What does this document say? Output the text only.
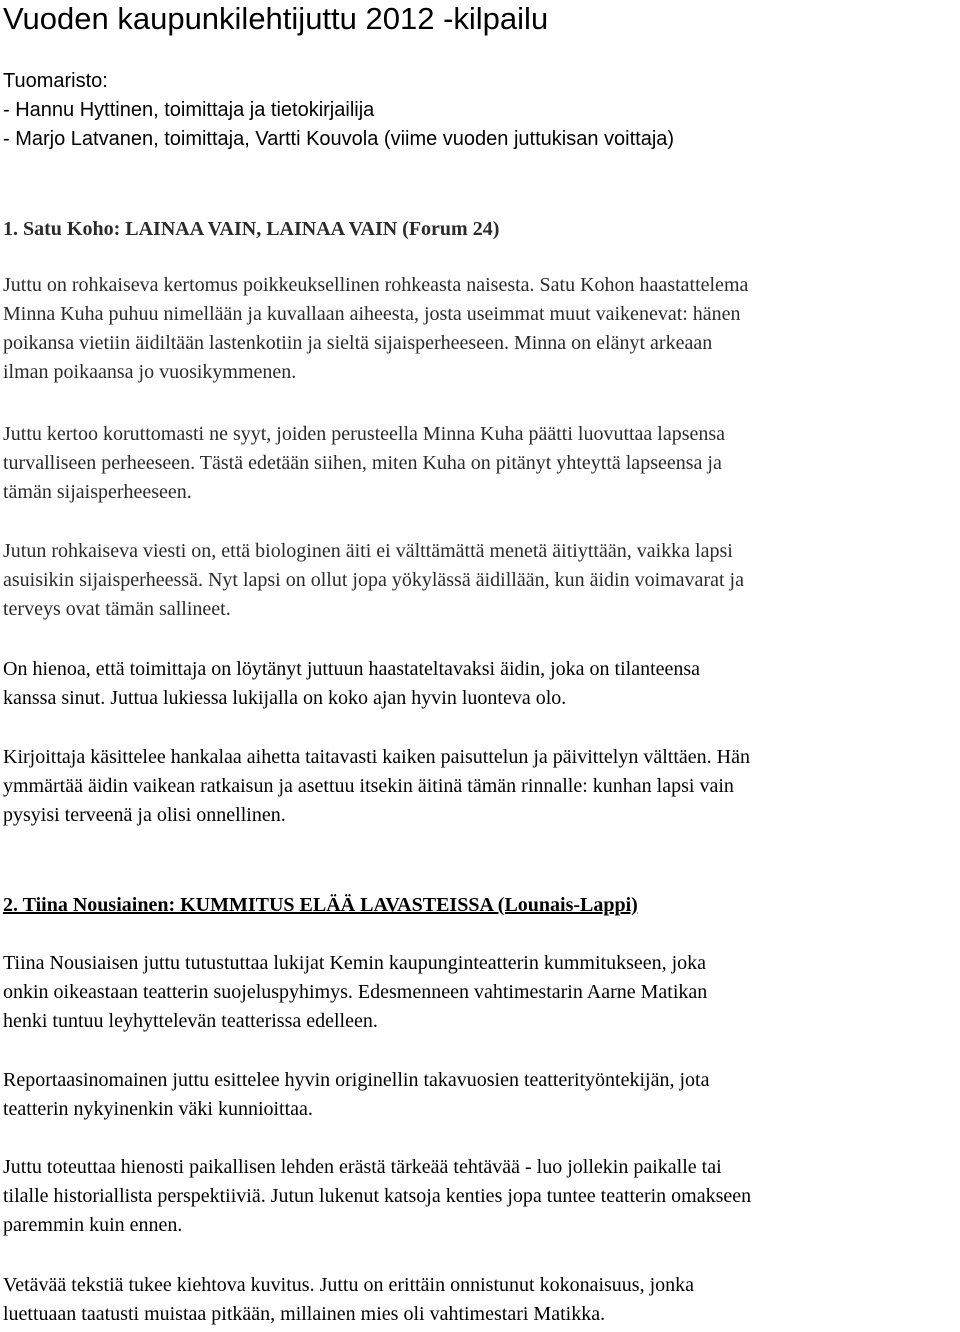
Vuoden kaupunkilehtijuttu 2012 -kilpailu
Tuomaristo:
- Hannu Hyttinen, toimittaja ja tietokirjailija
- Marjo Latvanen, toimittaja, Vartti Kouvola (viime vuoden juttukisan voittaja)
1. Satu Koho: LAINAA VAIN, LAINAA VAIN (Forum 24)
Juttu on rohkaiseva kertomus poikkeuksellinen rohkeasta naisesta. Satu Kohon haastattelema
Minna Kuha puhuu nimellään ja kuvallaan aiheesta, josta useimmat muut vaikenevat: hänen
poikansa vietiin äidiltään lastenkotiin ja sieltä sijaisperheeseen. Minna on elänyt arkeaan
ilman poikaansa jo vuosikymmenen.
Juttu kertoo koruttomasti ne syyt, joiden perusteella Minna Kuha päätti luovuttaa lapsensa
turvalliseen perheeseen. Tästä edetään siihen, miten Kuha on pitänyt yhteyttä lapseensa ja
tämän sijaisperheeseen.
Jutun rohkaiseva viesti on, että biologinen äiti ei välttämättä menetä äitiyttään, vaikka lapsi
asuisikin sijaisperheessä. Nyt lapsi on ollut jopa yökylässä äidillään, kun äidin voimavarat ja
terveys ovat tämän sallineet.
On hienoa, että toimittaja on löytänyt juttuun haastateltavaksi äidin, joka on tilanteensa
kanssa sinut. Juttua lukiessa lukijalla on koko ajan hyvin luonteva olo.
Kirjoittaja käsittelee hankalaa aihetta taitavasti kaiken paisuttelun ja päivittelyn välttäen. Hän
ymmärtää äidin vaikean ratkaisun ja asettuu itsekin äitinä tämän rinnalle: kunhan lapsi vain
pysyisi terveenä ja olisi onnellinen.
2. Tiina Nousiainen: KUMMITUS ELÄÄ LAVASTEISSA (Lounais-Lappi)
Tiina Nousiaisen juttu tutustuttaa lukijat Kemin kaupunginteatterin kummitukseen, joka
onkin oikeastaan teatterin suojeluspyhimys. Edesmenneen vahtimestarin Aarne Matikan
henki tuntuu leyhyttelevän teatterissa edelleen.
Reportaasinomainen juttu esittelee hyvin originellin takavuosien teatterityöntekijän, jota
teatterin nykyinenkin väki kunnioittaa.
Juttu toteuttaa hienosti paikallisen lehden erästä tärkeää tehtävää - luo jollekin paikalle tai
tilalle historiallista perspektiiviä. Jutun lukenut katsoja kenties jopa tuntee teatterin omakseen
paremmin kuin ennen.
Vetävää tekstiä tukee kiehtova kuvitus. Juttu on erittäin onnistunut kokonaisuus, jonka
luettuaan taatusti muistaa pitkään, millainen mies oli vahtimestari Matikka.
